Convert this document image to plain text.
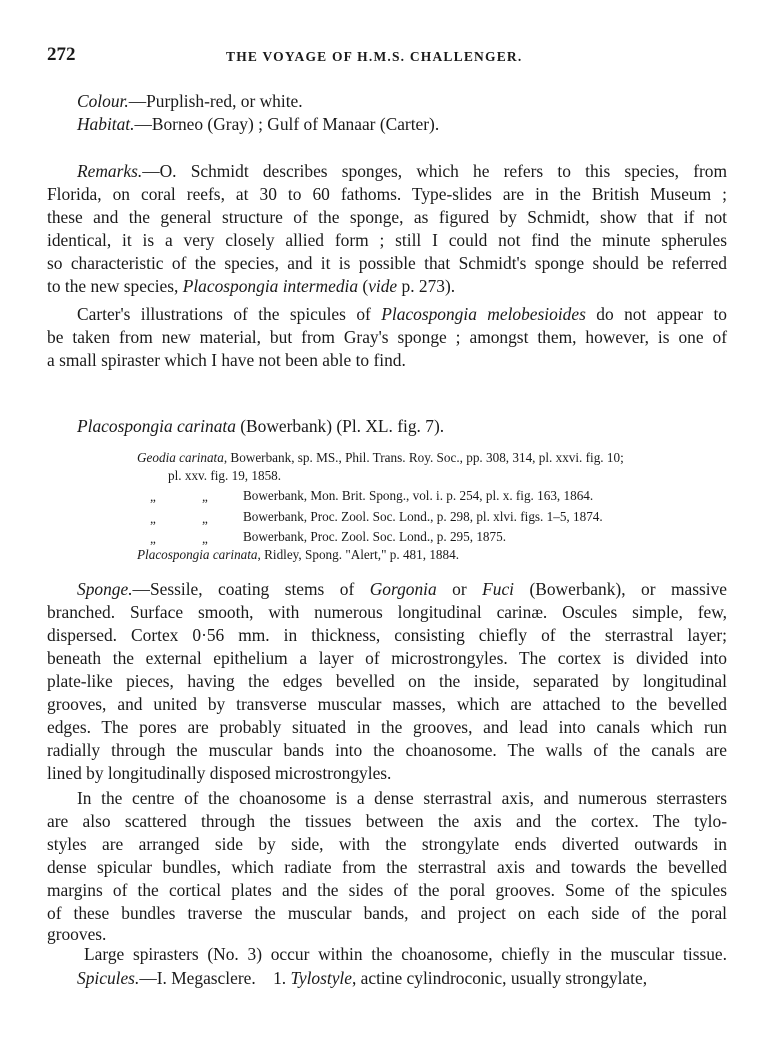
272	THE VOYAGE OF H.M.S. CHALLENGER.
Colour.—Purplish-red, or white.
Habitat.—Borneo (Gray) ; Gulf of Manaar (Carter).
Remarks.—O. Schmidt describes sponges, which he refers to this species, from
Florida, on coral reefs, at 30 to 60 fathoms. Type-slides are in the British Museum ;
these and the general structure of the sponge, as figured by Schmidt, show that if not
identical, it is a very closely allied form ; still I could not find the minute spherules
so characteristic of the species, and it is possible that Schmidt's sponge should be referred
to the new species, Placospongia intermedia (vide p. 273).
Carter's illustrations of the spicules of Placospongia melobesioides do not appear to
be taken from new material, but from Gray's sponge ; amongst them, however, is one of
a small spiraster which I have not been able to find.
Placospongia carinata (Bowerbank) (Pl. XL. fig. 7).
Geodia carinata, Bowerbank, sp. MS., Phil. Trans. Roy. Soc., pp. 308, 314, pl. xxvi. fig. 10;
pl. xxv. fig. 19, 1858.
„	„	Bowerbank, Mon. Brit. Spong., vol. i. p. 254, pl. x. fig. 163, 1864.
„	„	Bowerbank, Proc. Zool. Soc. Lond., p. 298, pl. xlvi. figs. 1–5, 1874.
„	„	Bowerbank, Proc. Zool. Soc. Lond., p. 295, 1875.
Placospongia carinata, Ridley, Spong. "Alert," p. 481, 1884.
Sponge.—Sessile, coating stems of Gorgonia or Fuci (Bowerbank), or massive
branched. Surface smooth, with numerous longitudinal carinæ. Oscules simple, few,
dispersed. Cortex 0·56 mm. in thickness, consisting chiefly of the sterrastral layer;
beneath the external epithelium a layer of microstrongyles. The cortex is divided into
plate-like pieces, having the edges bevelled on the inside, separated by longitudinal
grooves, and united by transverse muscular masses, which are attached to the bevelled
edges. The pores are probably situated in the grooves, and lead into canals which run
radially through the muscular bands into the choanosome. The walls of the canals are
lined by longitudinally disposed microstrongyles.
In the centre of the choanosome is a dense sterrastral axis, and numerous sterrasters
are also scattered through the tissues between the axis and the cortex. The tylo-
styles are arranged side by side, with the strongylate ends diverted outwards in
dense spicular bundles, which radiate from the sterrastral axis and towards the bevelled
margins of the cortical plates and the sides of the poral grooves. Some of the spicules
of these bundles traverse the muscular bands, and project on each side of the poral
grooves.
Large spirasters (No. 3) occur within the choanosome, chiefly in the muscular tissue.
Spicules.—I. Megasclere.    1. Tylostyle, actine cylindroconic, usually strongylate,
